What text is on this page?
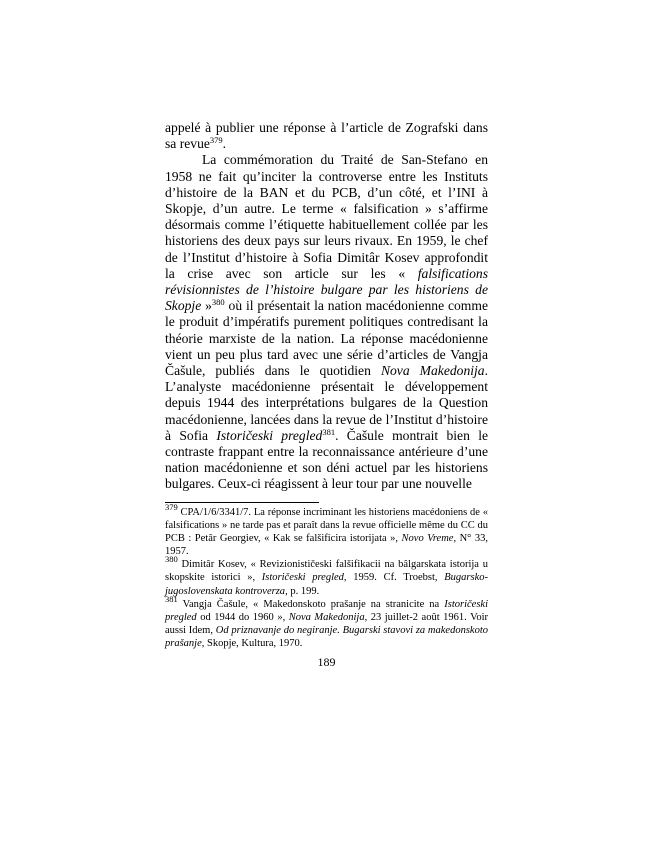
appelé à publier une réponse à l’article de Zografski dans sa revue$^{379}$.

La commémoration du Traité de San-Stefano en 1958 ne fait qu’inciter la controverse entre les Instituts d’histoire de la BAN et du PCB, d’un côté, et l’INI à Skopje, d’un autre. Le terme « falsification » s’affirme désormais comme l’étiquette habituellement collée par les historiens des deux pays sur leurs rivaux. En 1959, le chef de l’Institut d’histoire à Sofia Dimitâr Kosev approfondit la crise avec son article sur les « falsifications révisionnistes de l’histoire bulgare par les historiens de Skopje »$^{380}$ où il présentait la nation macédonienne comme le produit d’impératifs purement politiques contredisant la théorie marxiste de la nation. La réponse macédonienne vient un peu plus tard avec une série d’articles de Vangja Čašule, publiés dans le quotidien Nova Makedonija. L’analyste macédonienne présentait le développement depuis 1944 des interprétations bulgares de la Question macédonienne, lancées dans la revue de l’Institut d’histoire à Sofia Istoričeski pregled$^{381}$. Čašule montrait bien le contraste frappant entre la reconnaissance antérieure d’une nation macédonienne et son déni actuel par les historiens bulgares. Ceux-ci réagissent à leur tour par une nouvelle

$^{379}$ CPA/1/6/3341/7. La réponse incriminant les historiens macédoniens de « falsifications » ne tarde pas et paraît dans la revue officielle même du CC du PCB : Petâr Georgiev, « Kak se falšificira istorijata », Novo Vreme, N° 33, 1957.

$^{380}$ Dimitâr Kosev, « Revizionističeski falšifikacii na bâlgarskata istorija u skopskite istorici », Istoričeski pregled, 1959. Cf. Troebst, Bugarsko-jugoslovenskata kontroverza, p. 199.

$^{381}$ Vangja Čašule, « Makedonskoto prašanje na stranicite na Istoričeski pregled od 1944 do 1960 », Nova Makedonija, 23 juillet-2 août 1961. Voir aussi Idem, Od priznavanje do negiranje. Bugarski stavovi za makedonskoto prašanje, Skopje, Kultura, 1970.

189
